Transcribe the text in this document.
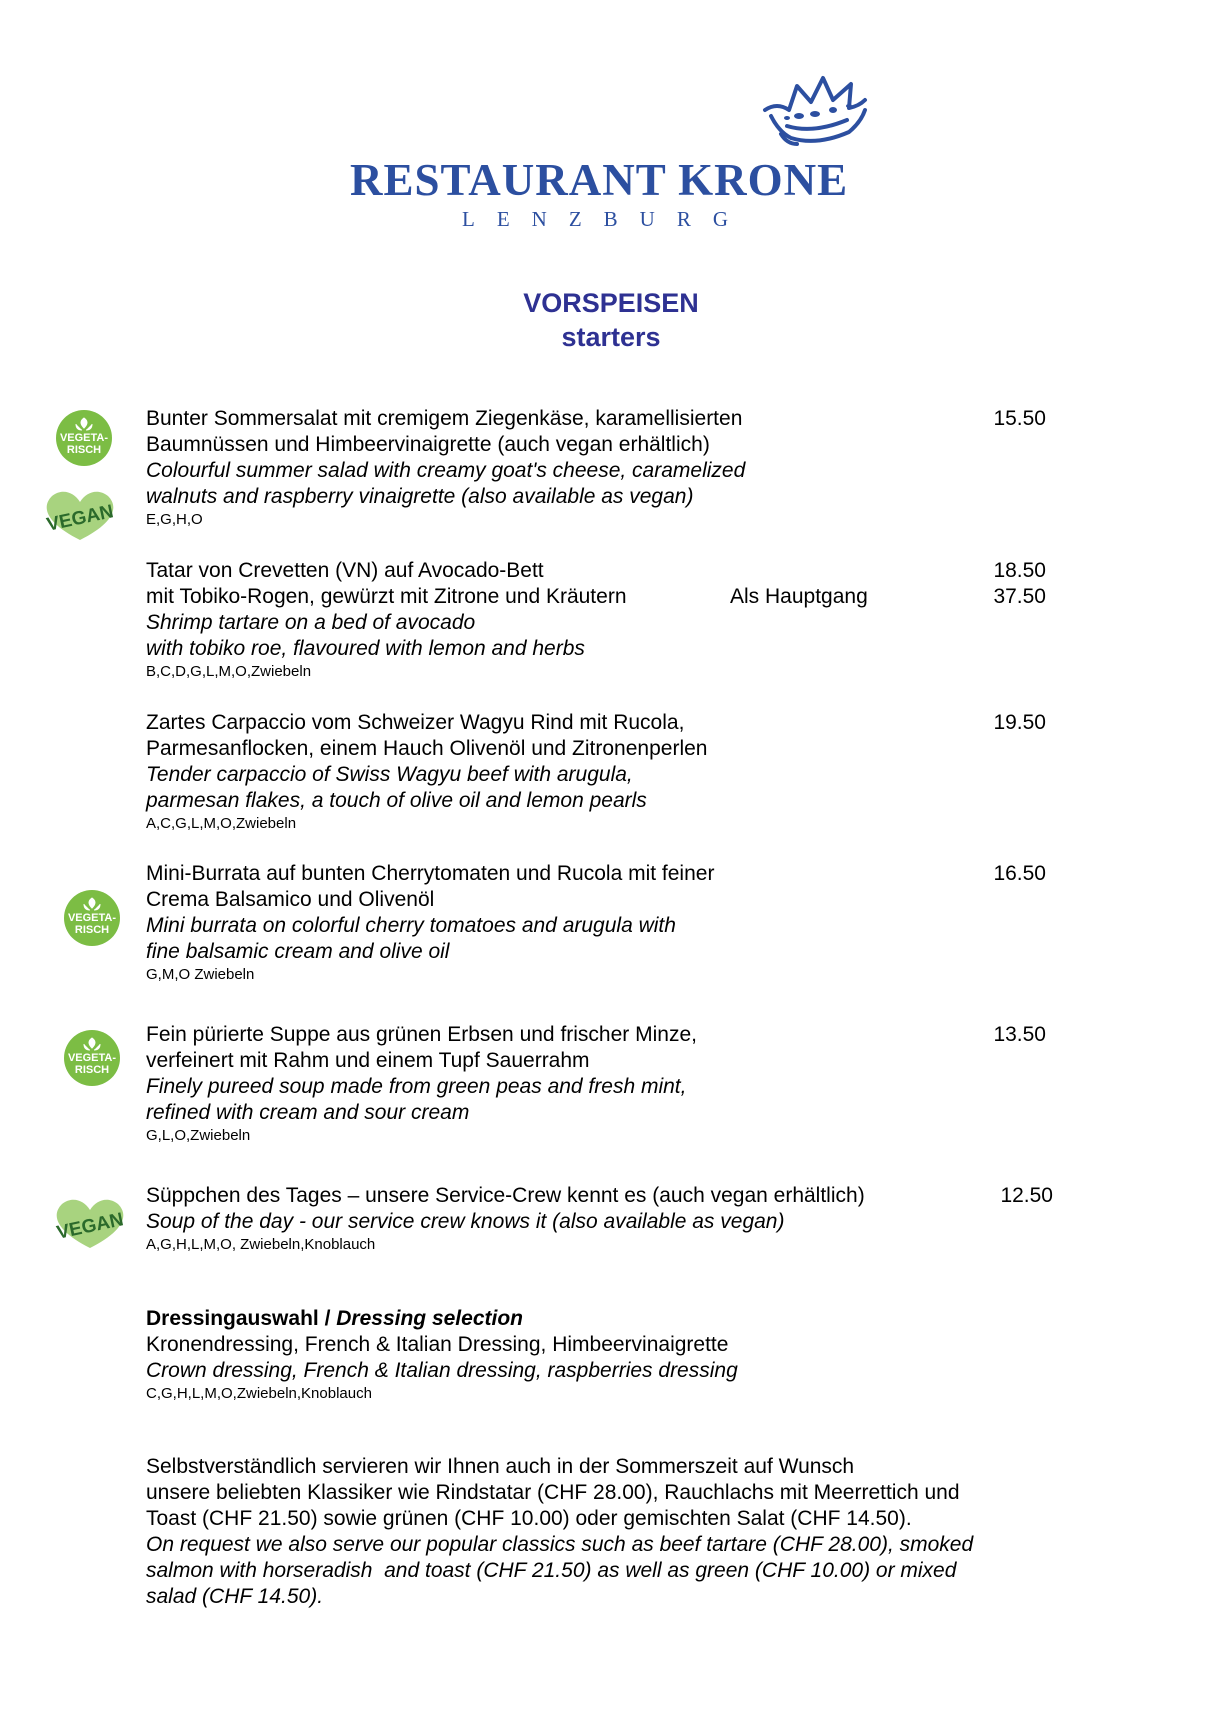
RESTAURANT KRONE
LENZBURG
VORSPEISEN
starters
VEGETA-
RISCH
VEGAN
VEGETA-
RISCH
VEGETA-
RISCH
VEGAN
Bunter Sommersalat mit cremigem Ziegenkäse, karamellisierten	15.50
Baumnüssen und Himbeervinaigrette (auch vegan erhältlich)
Colourful summer salad with creamy goat's cheese, caramelized
walnuts and raspberry vinaigrette (also available as vegan)
E,G,H,O
Tatar von Crevetten (VN) auf Avocado-Bett	18.50
mit Tobiko-Rogen, gewürzt mit Zitrone und Kräutern	Als Hauptgang	37.50
Shrimp tartare on a bed of avocado
with tobiko roe, flavoured with lemon and herbs
B,C,D,G,L,M,O,Zwiebeln
Zartes Carpaccio vom Schweizer Wagyu Rind mit Rucola,	19.50
Parmesanflocken, einem Hauch Olivenöl und Zitronenperlen
Tender carpaccio of Swiss Wagyu beef with arugula,
parmesan flakes, a touch of olive oil and lemon pearls
A,C,G,L,M,O,Zwiebeln
Mini-Burrata auf bunten Cherrytomaten und Rucola mit feiner	16.50
Crema Balsamico und Olivenöl
Mini burrata on colorful cherry tomatoes and arugula with
fine balsamic cream and olive oil
G,M,O Zwiebeln
Fein pürierte Suppe aus grünen Erbsen und frischer Minze,	13.50
verfeinert mit Rahm und einem Tupf Sauerrahm
Finely pureed soup made from green peas and fresh mint,
refined with cream and sour cream
G,L,O,Zwiebeln
Süppchen des Tages – unsere Service-Crew kennt es (auch vegan erhältlich)	12.50
Soup of the day - our service crew knows it (also available as vegan)
A,G,H,L,M,O, Zwiebeln,Knoblauch
Dressingauswahl / Dressing selection
Kronendressing, French & Italian Dressing, Himbeervinaigrette
Crown dressing, French & Italian dressing, raspberries dressing
C,G,H,L,M,O,Zwiebeln,Knoblauch
Selbstverständlich servieren wir Ihnen auch in der Sommerszeit auf Wunsch
unsere beliebten Klassiker wie Rindstatar (CHF 28.00), Rauchlachs mit Meerrettich und
Toast (CHF 21.50) sowie grünen (CHF 10.00) oder gemischten Salat (CHF 14.50).
On request we also serve our popular classics such as beef tartare (CHF 28.00), smoked
salmon with horseradish  and toast (CHF 21.50) as well as green (CHF 10.00) or mixed
salad (CHF 14.50).
